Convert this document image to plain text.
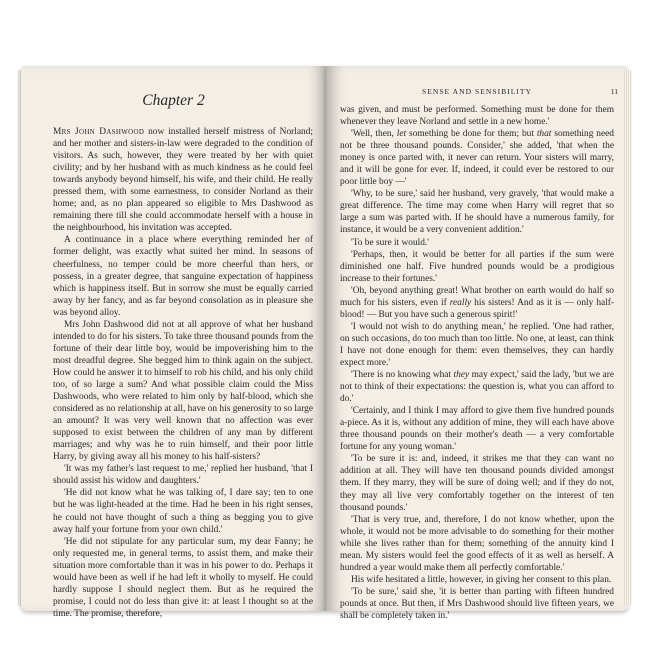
Chapter 2

Mrs John Dashwood now installed herself mistress of Norland; and her mother and sisters-in-law were degraded to the condition of visitors. As such, however, they were treated by her with quiet civility; and by her husband with as much kindness as he could feel towards anybody beyond himself, his wife, and their child. He really pressed them, with some earnestness, to consider Norland as their home; and, as no plan appeared so eligible to Mrs Dashwood as remaining there till she could accommodate herself with a house in the neighbourhood, his invitation was accepted.

A continuance in a place where everything reminded her of former delight, was exactly what suited her mind. In seasons of cheerfulness, no temper could be more cheerful than hers, or possess, in a greater degree, that sanguine expectation of happiness which is happiness itself. But in sorrow she must be equally carried away by her fancy, and as far beyond consolation as in pleasure she was beyond alloy.

Mrs John Dashwood did not at all approve of what her husband intended to do for his sisters. To take three thousand pounds from the fortune of their dear little boy, would be impoverishing him to the most dreadful degree. She begged him to think again on the subject. How could he answer it to himself to rob his child, and his only child too, of so large a sum? And what possible claim could the Miss Dashwoods, who were related to him only by half-blood, which she considered as no relationship at all, have on his generosity to so large an amount? It was very well known that no affection was ever supposed to exist between the children of any man by different marriages; and why was he to ruin himself, and their poor little Harry, by giving away all his money to his half-sisters?

'It was my father's last request to me,' replied her husband, 'that I should assist his widow and daughters.'

'He did not know what he was talking of, I dare say; ten to one but he was light-headed at the time. Had he been in his right senses, he could not have thought of such a thing as begging you to give away half your fortune from your own child.'

'He did not stipulate for any particular sum, my dear Fanny; he only requested me, in general terms, to assist them, and make their situation more comfortable than it was in his power to do. Perhaps it would have been as well if he had left it wholly to myself. He could hardly suppose I should neglect them. But as he required the promise, I could not do less than give it: at least I thought so at the time. The promise, therefore,

SENSE AND SENSIBILITY	11

was given, and must be performed. Something must be done for them whenever they leave Norland and settle in a new home.'

'Well, then, let something be done for them; but that something need not be three thousand pounds. Consider,' she added, 'that when the money is once parted with, it never can return. Your sisters will marry, and it will be gone for ever. If, indeed, it could ever be restored to our poor little boy —'

'Why, to be sure,' said her husband, very gravely, 'that would make a great difference. The time may come when Harry will regret that so large a sum was parted with. If he should have a numerous family, for instance, it would be a very convenient addition.'

'To be sure it would.'

'Perhaps, then, it would be better for all parties if the sum were diminished one half. Five hundred pounds would be a prodigious increase to their fortunes.'

'Oh, beyond anything great! What brother on earth would do half so much for his sisters, even if really his sisters! And as it is — only half-blood! — But you have such a generous spirit!'

'I would not wish to do anything mean,' he replied. 'One had rather, on such occasions, do too much than too little. No one, at least, can think I have not done enough for them: even themselves, they can hardly expect more.'

'There is no knowing what they may expect,' said the lady, 'but we are not to think of their expectations: the question is, what you can afford to do.'

'Certainly, and I think I may afford to give them five hundred pounds a-piece. As it is, without any addition of mine, they will each have above three thousand pounds on their mother's death — a very comfortable fortune for any young woman.'

'To be sure it is: and, indeed, it strikes me that they can want no addition at all. They will have ten thousand pounds divided amongst them. If they marry, they will be sure of doing well; and if they do not, they may all live very comfortably together on the interest of ten thousand pounds.'

'That is very true, and, therefore, I do not know whether, upon the whole, it would not be more advisable to do something for their mother while she lives rather than for them; something of the annuity kind I mean. My sisters would feel the good effects of it as well as herself. A hundred a year would make them all perfectly comfortable.'

His wife hesitated a little, however, in giving her consent to this plan.

'To be sure,' said she, 'it is better than parting with fifteen hundred pounds at once. But then, if Mrs Dashwood should live fifteen years, we shall be completely taken in.'
